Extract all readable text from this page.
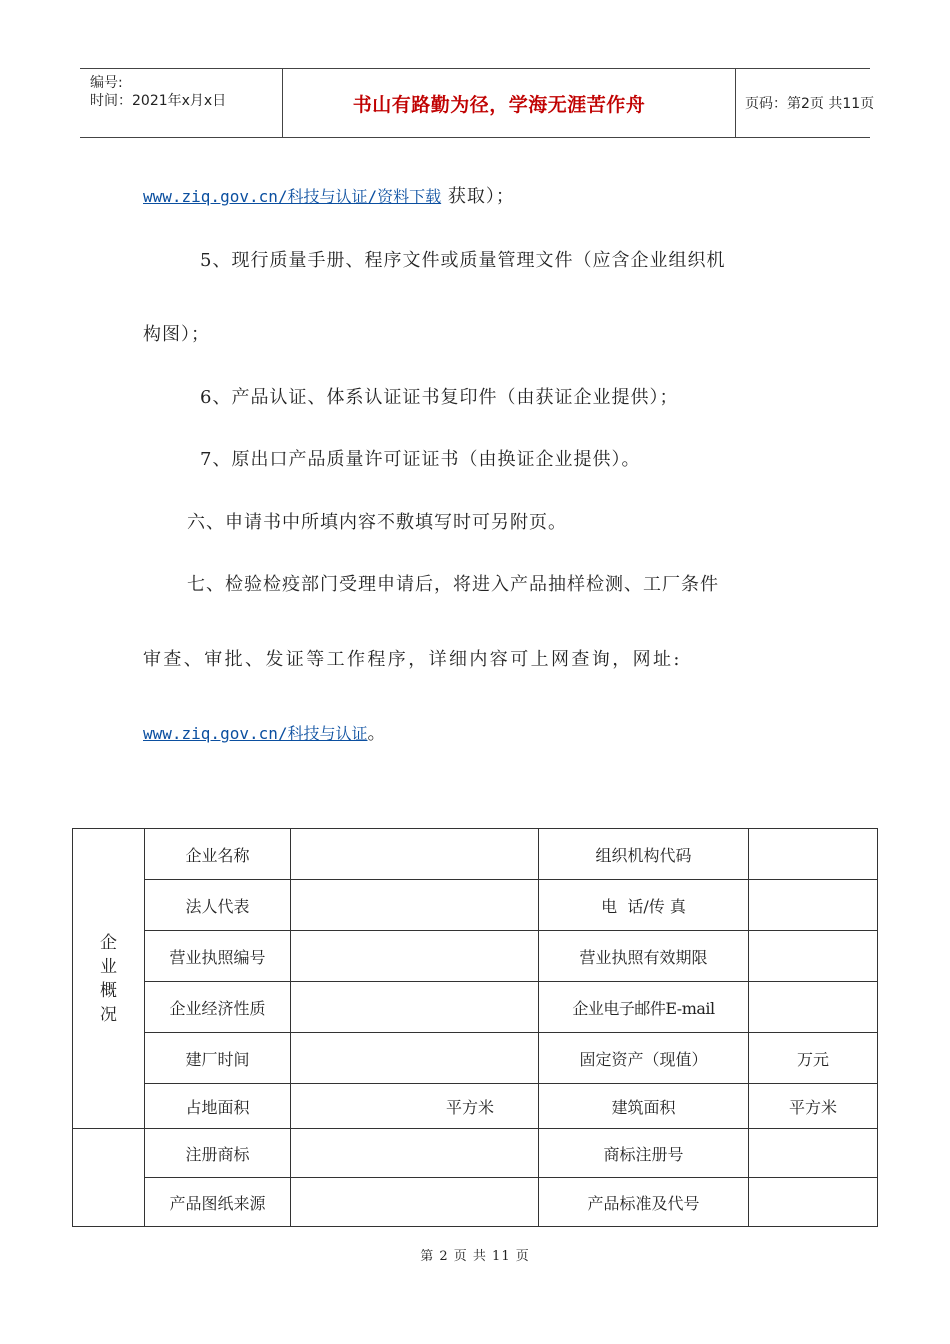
编号:
时间：2021年x月x日	书山有路勤为径，学海无涯苦作舟	页码：第2页 共11页
www.ziq.gov.cn/科技与认证/资料下载 获取）；
5、现行质量手册、程序文件或质量管理文件（应含企业组织机
构图）；
6、产品认证、体系认证证书复印件（由获证企业提供）；
7、原出口产品质量许可证证书（由换证企业提供）。
六、申请书中所填内容不敷填写时可另附页。
七、检验检疫部门受理申请后，将进入产品抽样检测、工厂条件
审查、审批、发证等工作程序，详细内容可上网查询，网址:
www.ziq.gov.cn/科技与认证。
企业概况	企业名称		组织机构代码	
	法人代表		电  话/传 真	
	营业执照编号		营业执照有效期限	
	企业经济性质		企业电子邮件E-mail	
	建厂时间		固定资产（现值）	万元
	占地面积	平方米	建筑面积	平方米
	注册商标		商标注册号	
	产品图纸来源		产品标准及代号	
第 2 页 共 11 页
